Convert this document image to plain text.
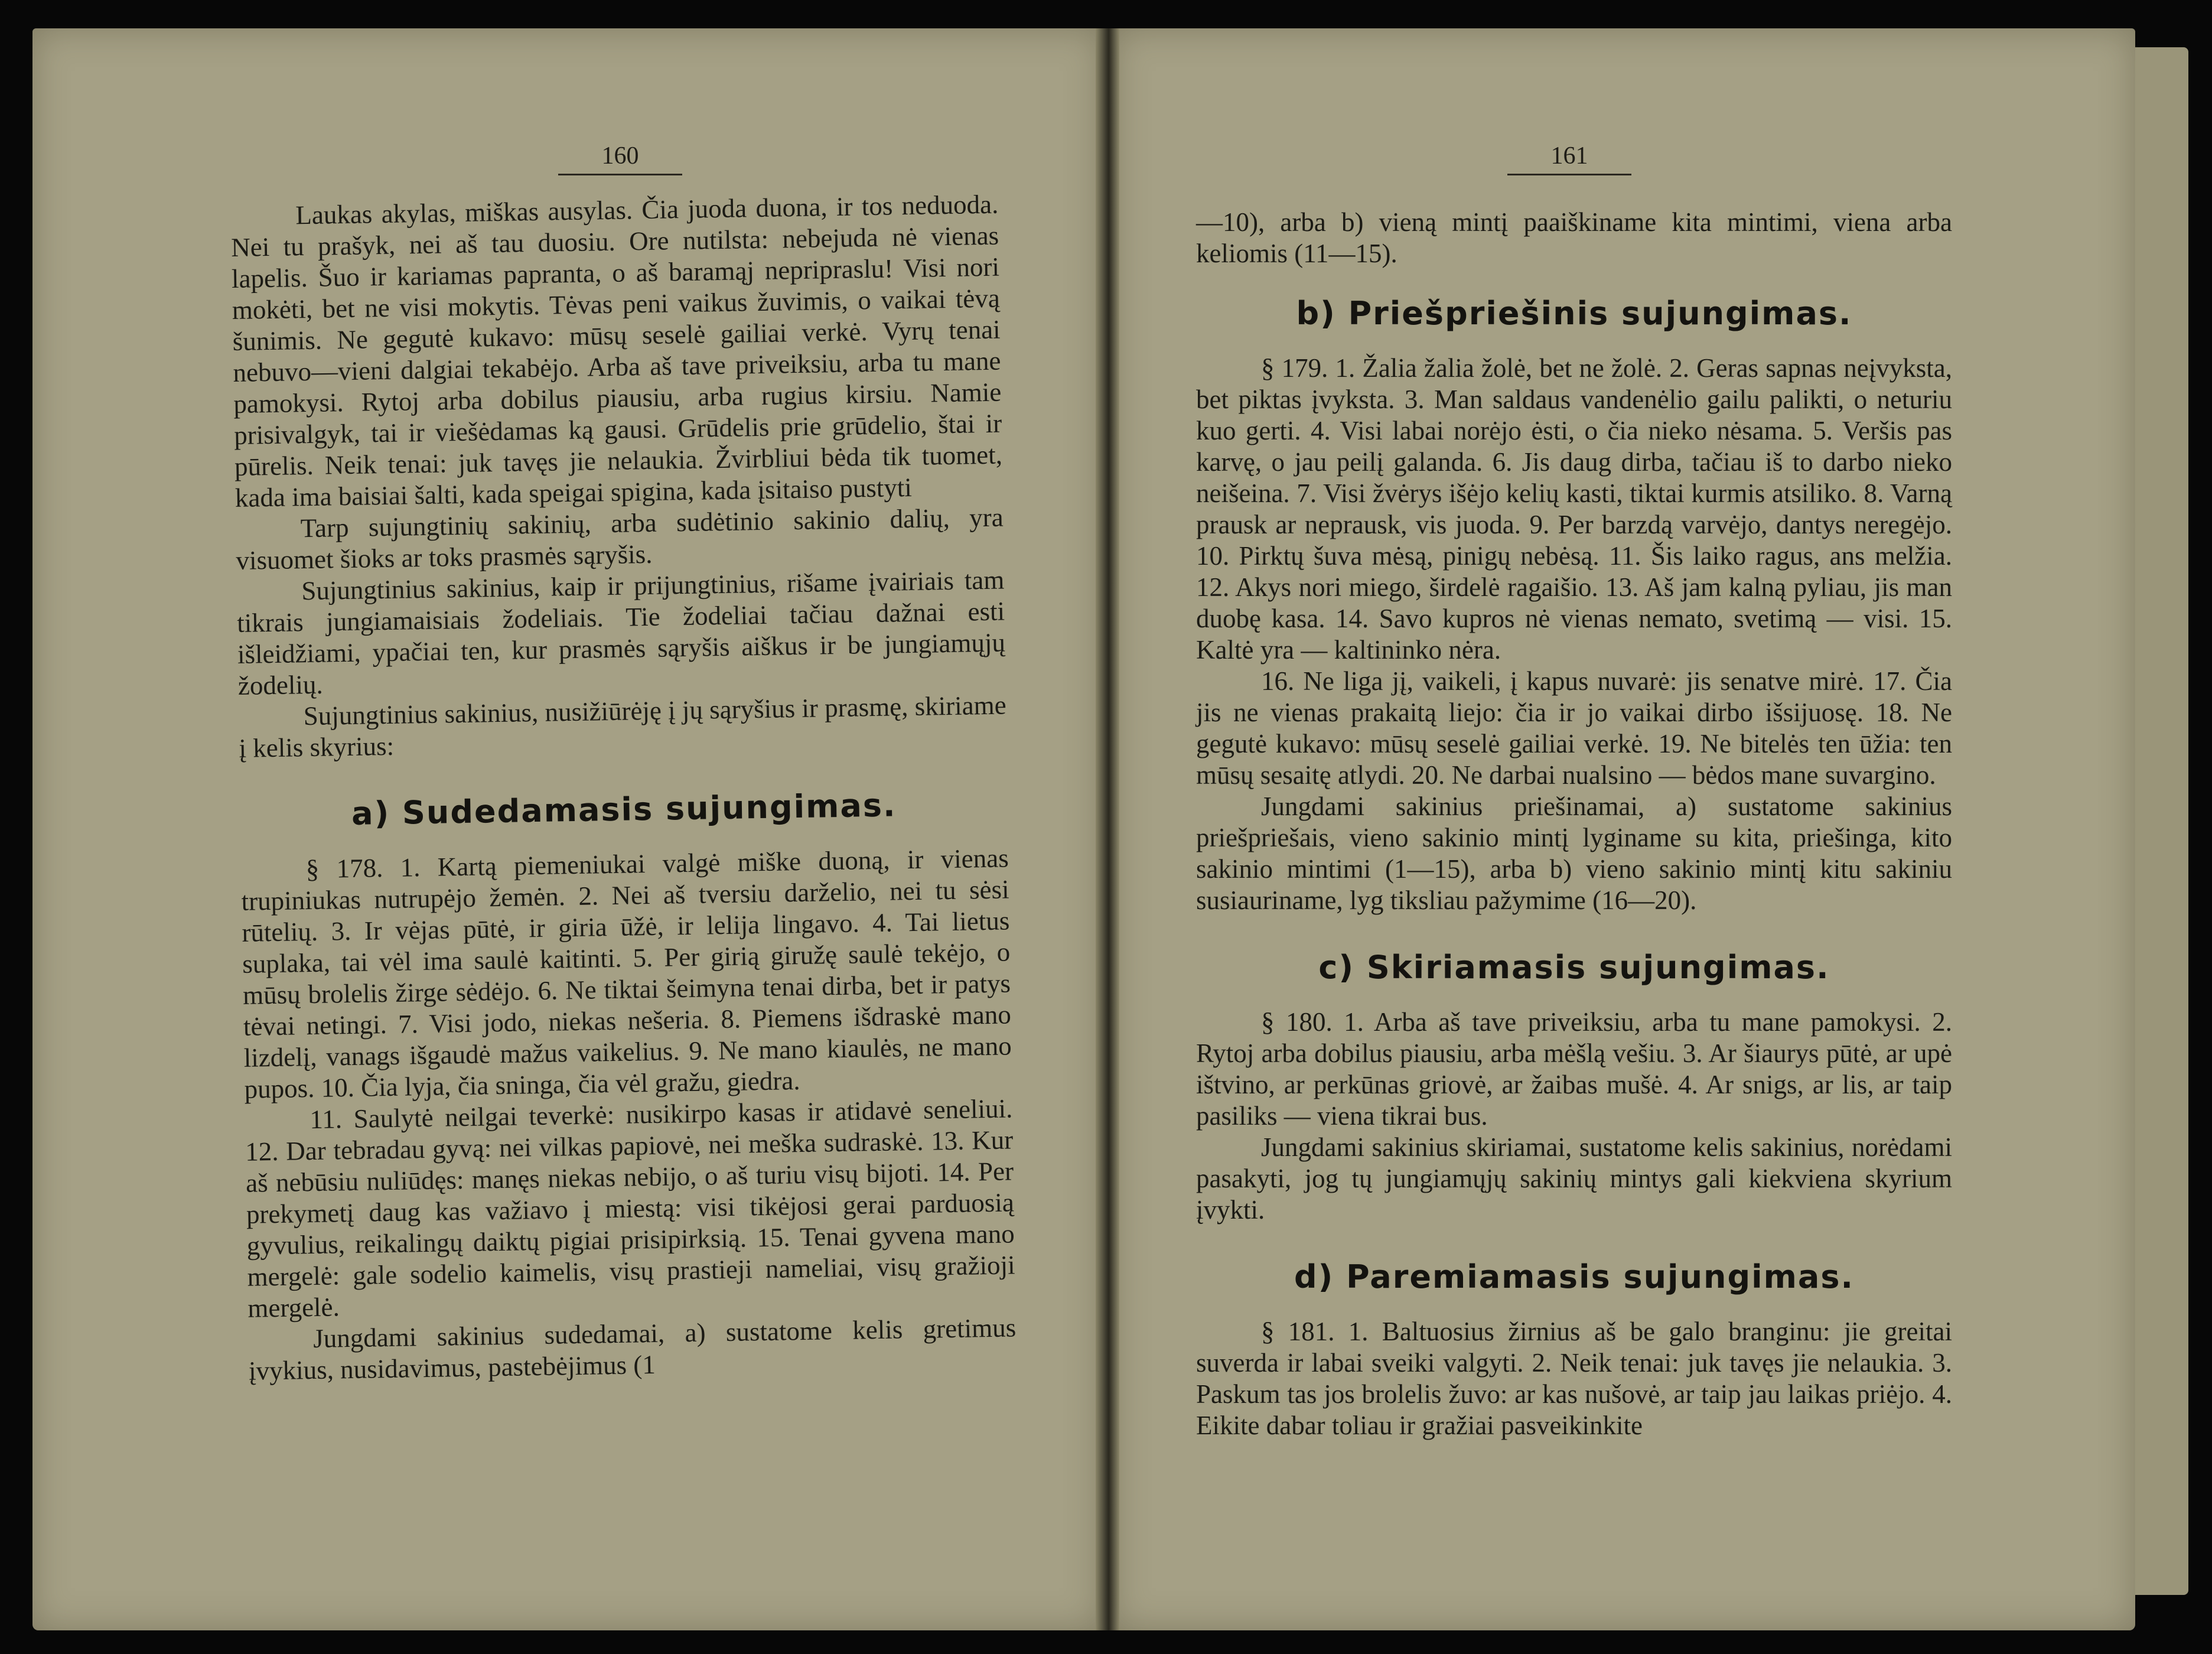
160	161

Laukas akylas, miškas ausylas. Čia juoda duona, ir tos neduoda. Nei tu prašyk, nei aš tau duosiu. Ore nutilsta: nebejuda nė vienas lapelis. Šuo ir kariamas papranta, o aš baramąj nepripraslu! Visi nori mokėti, bet ne visi mokytis. Tėvas peni vaikus žuvimis, o vaikai tėvą šunimis. Ne gegutė kukavo: mūsų seselė gailiai verkė. Vyrų tenai nebuvo—vieni dalgiai tekabėjo. Arba aš tave priveiksiu, arba tu mane pamokysi. Rytoj arba dobilus piausiu, arba rugius kirsiu. Namie prisivalgyk, tai ir viešėdamas ką gausi. Grūdelis prie grūdelio, štai ir pūrelis. Neik tenai: juk tavęs jie nelaukia. Žvirbliui bėda tik tuomet, kada ima baisiai šalti, kada speigai spigina, kada įsitaiso pustyti

Tarp sujungtinių sakinių, arba sudėtinio sakinio dalių, yra visuomet šioks ar toks prasmės sąryšis.

Sujungtinius sakinius, kaip ir prijungtinius, rišame įvairiais tam tikrais jungiamaisiais žodeliais. Tie žodeliai tačiau dažnai esti išleidžiami, ypačiai ten, kur prasmės sąryšis aiškus ir be jungiamųjų žodelių.

Sujungtinius sakinius, nusižiūrėję į jų sąryšius ir prasmę, skiriame į kelis skyrius:

a) Sudedamasis sujungimas.

§ 178. 1. Kartą piemeniukai valgė miške duoną, ir vienas trupiniukas nutrupėjo žemėn. 2. Nei aš tversiu darželio, nei tu sėsi rūtelių. 3. Ir vėjas pūtė, ir giria ūžė, ir lelija lingavo. 4. Tai lietus suplaka, tai vėl ima saulė kaitinti. 5. Per girią giružę saulė tekėjo, o mūsų brolelis žirge sėdėjo. 6. Ne tiktai šeimyna tenai dirba, bet ir patys tėvai netingi. 7. Visi jodo, niekas nešeria. 8. Piemens išdraskė mano lizdelį, vanags išgaudė mažus vaikelius. 9. Ne mano kiaulės, ne mano pupos. 10. Čia lyja, čia sninga, čia vėl gražu, giedra.

11. Saulytė neilgai teverkė: nusikirpo kasas ir atidavė seneliui. 12. Dar tebradau gyvą: nei vilkas papiovė, nei meška sudraskė. 13. Kur aš nebūsiu nuliūdęs: manęs niekas nebijo, o aš turiu visų bijoti. 14. Per prekymetį daug kas važiavo į miestą: visi tikėjosi gerai parduosią gyvulius, reikalingų daiktų pigiai prisipirksią. 15. Tenai gyvena mano mergelė: gale sodelio kaimelis, visų prastieji nameliai, visų gražioji mergelė.

Jungdami sakinius sudedamai, a) sustatome kelis gretimus įvykius, nusidavimus, pastebėjimus (1

—10), arba b) vieną mintį paaiškiname kita mintimi, viena arba keliomis (11—15).

b) Priešpriešinis sujungimas.

§ 179. 1. Žalia žalia žolė, bet ne žolė. 2. Geras sapnas neįvyksta, bet piktas įvyksta. 3. Man saldaus vandenėlio gailu palikti, o neturiu kuo gerti. 4. Visi labai norėjo ėsti, o čia nieko nėsama. 5. Veršis pas karvę, o jau peilį galanda. 6. Jis daug dirba, tačiau iš to darbo nieko neišeina. 7. Visi žvėrys išėjo kelių kasti, tiktai kurmis atsiliko. 8. Varną prausk ar neprausk, vis juoda. 9. Per barzdą varvėjo, dantys neregėjo. 10. Pirktų šuva mėsą, pinigų nebėsą. 11. Šis laiko ragus, ans melžia. 12. Akys nori miego, širdelė ragaišio. 13. Aš jam kalną pyliau, jis man duobę kasa. 14. Savo kupros nė vienas nemato, svetimą — visi. 15. Kaltė yra — kaltininko nėra.

16. Ne liga jį, vaikeli, į kapus nuvarė: jis senatve mirė. 17. Čia jis ne vienas prakaitą liejo: čia ir jo vaikai dirbo išsijuosę. 18. Ne gegutė kukavo: mūsų seselė gailiai verkė. 19. Ne bitelės ten ūžia: ten mūsų sesaitę atlydi. 20. Ne darbai nualsino — bėdos mane suvargino.

Jungdami sakinius priešinamai, a) sustatome sakinius priešpriešais, vieno sakinio mintį lyginame su kita, priešinga, kito sakinio mintimi (1—15), arba b) vieno sakinio mintį kitu sakiniu susiauriname, lyg tiksliau pažymime (16—20).

c) Skiriamasis sujungimas.

§ 180. 1. Arba aš tave priveiksiu, arba tu mane pamokysi. 2. Rytoj arba dobilus piausiu, arba mėšlą vešiu. 3. Ar šiaurys pūtė, ar upė ištvino, ar perkūnas griovė, ar žaibas mušė. 4. Ar snigs, ar lis, ar taip pasiliks — viena tikrai bus.

Jungdami sakinius skiriamai, sustatome kelis sakinius, norėdami pasakyti, jog tų jungiamųjų sakinių mintys gali kiekviena skyrium įvykti.

d) Paremiamasis sujungimas.

§ 181. 1. Baltuosius žirnius aš be galo branginu: jie greitai suverda ir labai sveiki valgyti. 2. Neik tenai: juk tavęs jie nelaukia. 3. Paskum tas jos brolelis žuvo: ar kas nušovė, ar taip jau laikas priėjo. 4. Eikite dabar toliau ir gražiai pasveikinkite
